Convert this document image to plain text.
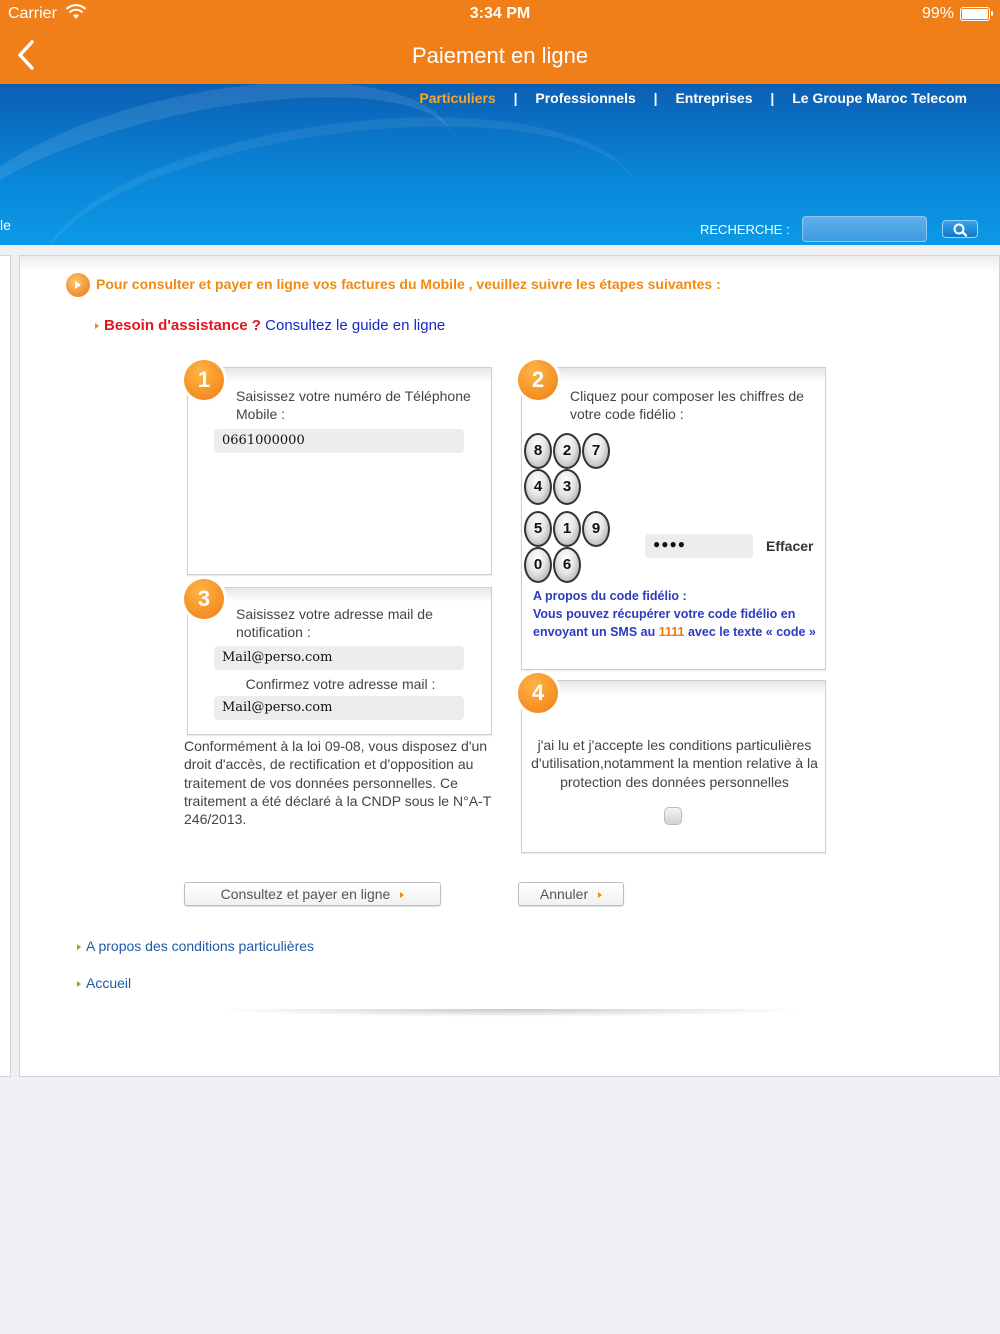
Carrier	3:34 PM	99%
Paiement en ligne
Particuliers | Professionnels | Entreprises | Le Groupe Maroc Telecom
le	RECHERCHE :
Pour consulter et payer en ligne vos factures du Mobile , veuillez suivre les étapes suivantes :
Besoin d'assistance ? Consultez le guide en ligne
Saisissez votre numéro de Téléphone Mobile :
0661000000
1
Cliquez pour composer les chiffres de votre code fidélio :
8	2	7
4	3
5	1	9
0	6
●●●●	Effacer
A propos du code fidélio :
Vous pouvez récupérer votre code fidélio en envoyant un SMS au 1111 avec le texte « code »
2
Saisissez votre adresse mail de notification :
Mail@perso.com
Confirmez votre adresse mail :
Mail@perso.com
3
Conformément à la loi 09-08, vous disposez d'un droit d'accès, de rectification et d'opposition au traitement de vos données personnelles. Ce traitement a été déclaré à la CNDP sous le N°A-T 246/2013.
j'ai lu et j'accepte les conditions particulières d'utilisation,notamment la mention relative à la protection des données personnelles
4
Consultez et payer en ligne	Annuler
A propos des conditions particulières
Accueil
